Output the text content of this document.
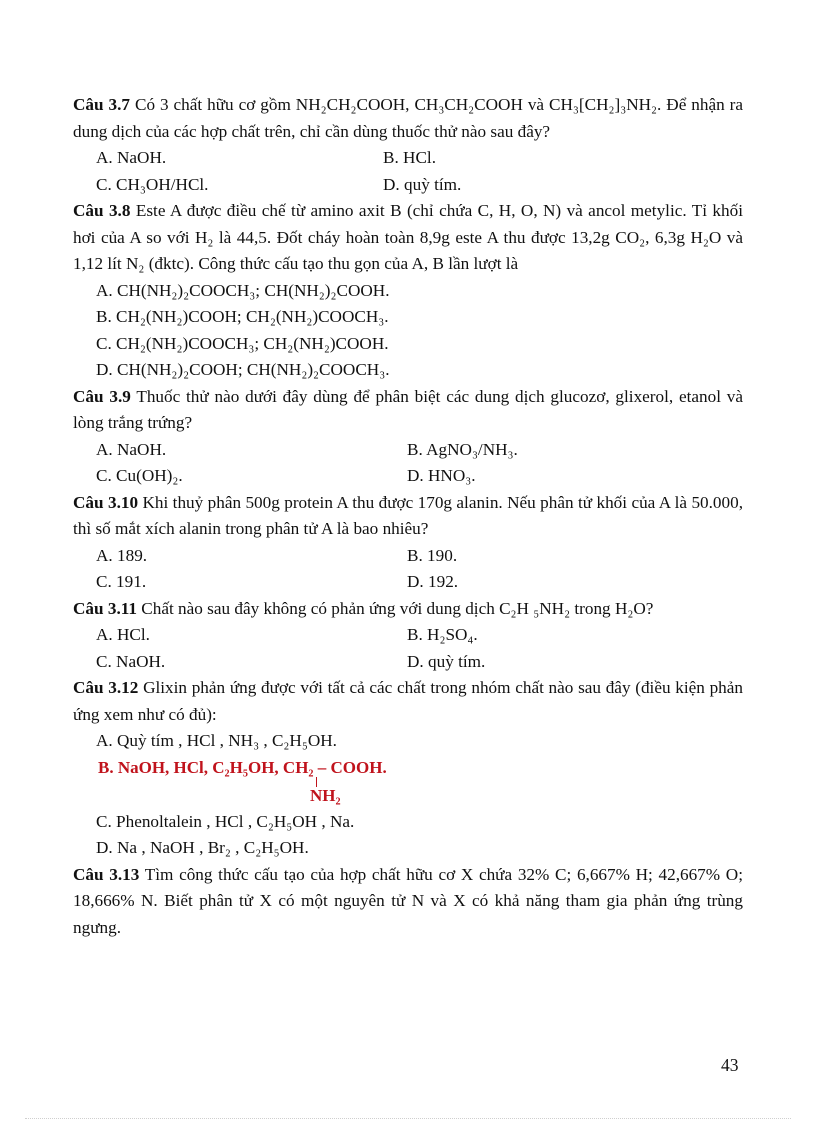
Câu 3.7 Có 3 chất hữu cơ gồm NH₂CH₂COOH, CH₃CH₂COOH và CH₃[CH₂]₃NH₂. Để nhận ra dung dịch của các hợp chất trên, chỉ cần dùng thuốc thử nào sau đây?

A. NaOH.	B. HCl.
C. CH₃OH/HCl.	D. quỳ tím.

Câu 3.8 Este A được điều chế từ amino axit B (chỉ chứa C, H, O, N) và ancol metylic. Tỉ khối hơi của A so với H₂ là 44,5. Đốt cháy hoàn toàn 8,9g este A thu được 13,2g CO₂, 6,3g H₂O và 1,12 lít N₂ (đktc). Công thức cấu tạo thu gọn của A, B lần lượt là

A. CH(NH₂)₂COOCH₃; CH(NH₂)₂COOH.
B. CH₂(NH₂)COOH; CH₂(NH₂)COOCH₃.
C. CH₂(NH₂)COOCH₃; CH₂(NH₂)COOH.
D. CH(NH₂)₂COOH; CH(NH₂)₂COOCH₃.

Câu 3.9 Thuốc thử nào dưới đây dùng để phân biệt các dung dịch glucozơ, glixerol, etanol và lòng trắng trứng?

A. NaOH.	B. AgNO₃/NH₃.
C. Cu(OH)₂.	D. HNO₃.

Câu 3.10 Khi thuỷ phân 500g protein A thu được 170g alanin. Nếu phân tử khối của A là 50.000, thì số mắt xích alanin trong phân tử A là bao nhiêu?

A. 189.	B. 190.
C. 191.	D. 192.

Câu 3.11 Chất nào sau đây không có phản ứng với dung dịch C₂H ₅NH₂ trong H₂O?

A. HCl.	B. H₂SO₄.
C. NaOH.	D. quỳ tím.

Câu 3.12 Glixin phản ứng được với tất cả các chất trong nhóm chất nào sau đây (điều kiện phản ứng xem như có đủ):

A. Quỳ tím , HCl , NH₃ , C₂H₅OH.
B. NaOH, HCl, C₂H₅OH, CH₂ – COOH.
NH₂
C. Phenoltalein , HCl , C₂H₅OH , Na.
D. Na , NaOH , Br₂ , C₂H₅OH.

Câu 3.13 Tìm công thức cấu tạo của hợp chất hữu cơ X chứa 32% C; 6,667% H; 42,667% O; 18,666% N. Biết phân tử X có một nguyên tử N và X có khả năng tham gia phản ứng trùng ngưng.

43
